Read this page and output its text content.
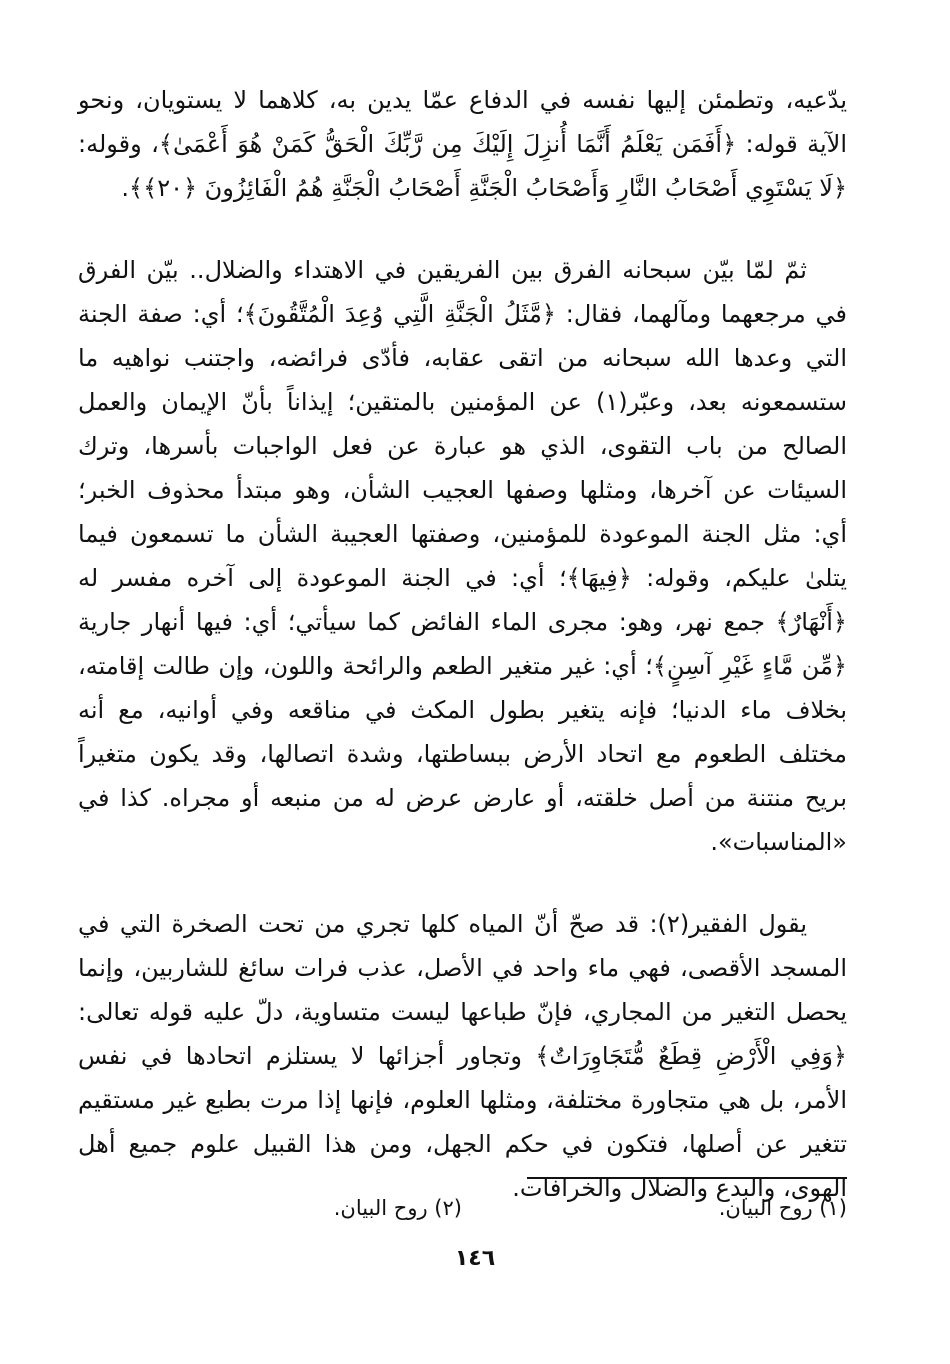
يدّعيه، وتطمئن إليها نفسه في الدفاع عمّا يدين به، كلاهما لا يستويان، ونحو الآية قوله: ﴿أَفَمَن يَعْلَمُ أَنَّمَا أُنزِلَ إِلَيْكَ مِن رَّبِّكَ الْحَقُّ كَمَنْ هُوَ أَعْمَىٰ﴾، وقوله: ﴿لَا يَسْتَوِي أَصْحَابُ النَّارِ وَأَصْحَابُ الْجَنَّةِ أَصْحَابُ الْجَنَّةِ هُمُ الْفَائِزُونَ ﴿٢٠﴾﴾.

ثمّ لمّا بيّن سبحانه الفرق بين الفريقين في الاهتداء والضلال.. بيّن الفرق في مرجعهما ومآلهما، فقال: ﴿مَّثَلُ الْجَنَّةِ الَّتِي وُعِدَ الْمُتَّقُونَ﴾؛ أي: صفة الجنة التي وعدها الله سبحانه من اتقى عقابه، فأدّى فرائضه، واجتنب نواهيه ما ستسمعونه بعد، وعبّر(١) عن المؤمنين بالمتقين؛ إيذاناً بأنّ الإيمان والعمل الصالح من باب التقوى، الذي هو عبارة عن فعل الواجبات بأسرها، وترك السيئات عن آخرها، ومثلها وصفها العجيب الشأن، وهو مبتدأ محذوف الخبر؛ أي: مثل الجنة الموعودة للمؤمنين، وصفتها العجيبة الشأن ما تسمعون فيما يتلىٰ عليكم، وقوله: ﴿فِيهَا﴾؛ أي: في الجنة الموعودة إلى آخره مفسر له ﴿أَنْهَارٌ﴾ جمع نهر، وهو: مجرى الماء الفائض كما سيأتي؛ أي: فيها أنهار جارية ﴿مِّن مَّاءٍ غَيْرِ آسِنٍ﴾؛ أي: غير متغير الطعم والرائحة واللون، وإن طالت إقامته، بخلاف ماء الدنيا؛ فإنه يتغير بطول المكث في مناقعه وفي أوانيه، مع أنه مختلف الطعوم مع اتحاد الأرض ببساطتها، وشدة اتصالها، وقد يكون متغيراً بريح منتنة من أصل خلقته، أو عارض عرض له من منبعه أو مجراه. كذا في «المناسبات».

يقول الفقير(٢): قد صحّ أنّ المياه كلها تجري من تحت الصخرة التي في المسجد الأقصى، فهي ماء واحد في الأصل، عذب فرات سائغ للشاربين، وإنما يحصل التغير من المجاري، فإنّ طباعها ليست متساوية، دلّ عليه قوله تعالى: ﴿وَفِي الْأَرْضِ قِطَعٌ مُّتَجَاوِرَاتٌ﴾ وتجاور أجزائها لا يستلزم اتحادها في نفس الأمر، بل هي متجاورة مختلفة، ومثلها العلوم، فإنها إذا مرت بطبع غير مستقيم تتغير عن أصلها، فتكون في حكم الجهل، ومن هذا القبيل علوم جميع أهل الهوى، والبدع والضلال والخرافات.

(١) روح البيان.
(٢) روح البيان.
١٤٦
